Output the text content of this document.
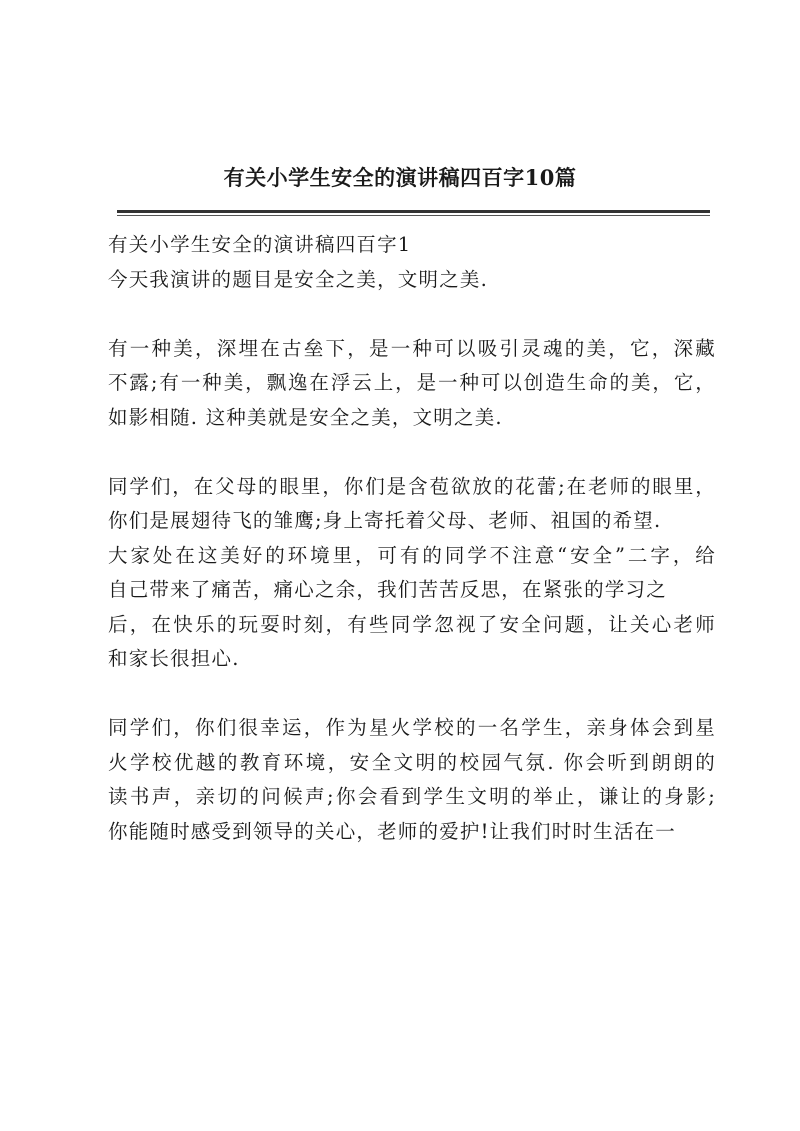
有关小学生安全的演讲稿四百字10篇
有关小学生安全的演讲稿四百字1
今天我演讲的题目是安全之美，文明之美.
有一种美，深埋在古垒下，是一种可以吸引灵魂的美，它，深藏
不露;有一种美，飘逸在浮云上，是一种可以创造生命的美，它，
如影相随. 这种美就是安全之美，文明之美.
同学们，在父母的眼里，你们是含苞欲放的花蕾;在老师的眼里，
你们是展翅待飞的雏鹰;身上寄托着父母、老师、祖国的希望.
大家处在这美好的环境里，可有的同学不注意“安全”二字，给
自己带来了痛苦，痛心之余，我们苦苦反思，在紧张的学习之
后，在快乐的玩耍时刻，有些同学忽视了安全问题，让关心老师
和家长很担心.
同学们，你们很幸运，作为星火学校的一名学生，亲身体会到星
火学校优越的教育环境，安全文明的校园气氛. 你会听到朗朗的
读书声，亲切的问候声;你会看到学生文明的举止，谦让的身影;
你能随时感受到领导的关心，老师的爱护!让我们时时生活在一
